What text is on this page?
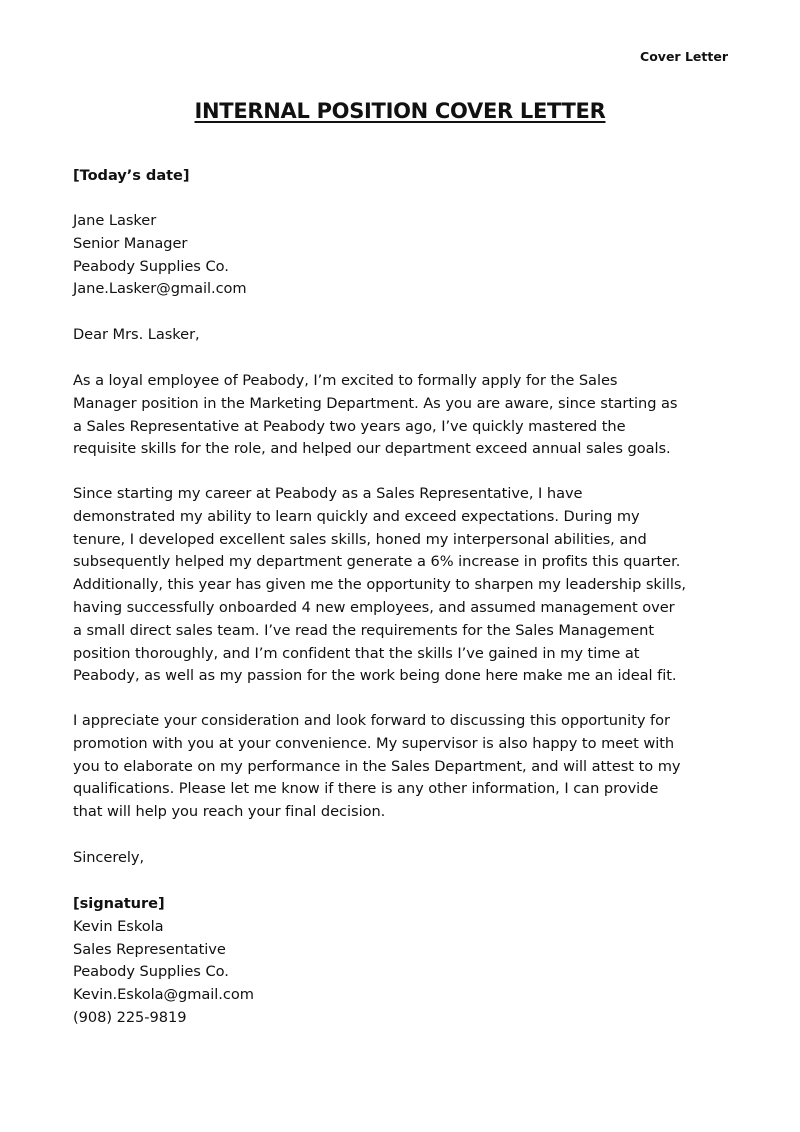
Cover Letter
INTERNAL POSITION COVER LETTER
[Today’s date]
Jane Lasker
Senior Manager
Peabody Supplies Co.
Jane.Lasker@gmail.com
Dear Mrs. Lasker,
As a loyal employee of Peabody, I’m excited to formally apply for the Sales
Manager position in the Marketing Department. As you are aware, since starting as
a Sales Representative at Peabody two years ago, I’ve quickly mastered the
requisite skills for the role, and helped our department exceed annual sales goals.
Since starting my career at Peabody as a Sales Representative, I have
demonstrated my ability to learn quickly and exceed expectations. During my
tenure, I developed excellent sales skills, honed my interpersonal abilities, and
subsequently helped my department generate a 6% increase in profits this quarter.
Additionally, this year has given me the opportunity to sharpen my leadership skills,
having successfully onboarded 4 new employees, and assumed management over
a small direct sales team. I’ve read the requirements for the Sales Management
position thoroughly, and I’m confident that the skills I’ve gained in my time at
Peabody, as well as my passion for the work being done here make me an ideal fit.
I appreciate your consideration and look forward to discussing this opportunity for
promotion with you at your convenience. My supervisor is also happy to meet with
you to elaborate on my performance in the Sales Department, and will attest to my
qualifications. Please let me know if there is any other information, I can provide
that will help you reach your final decision.
Sincerely,
[signature]
Kevin Eskola
Sales Representative
Peabody Supplies Co.
Kevin.Eskola@gmail.com
(908) 225-9819
